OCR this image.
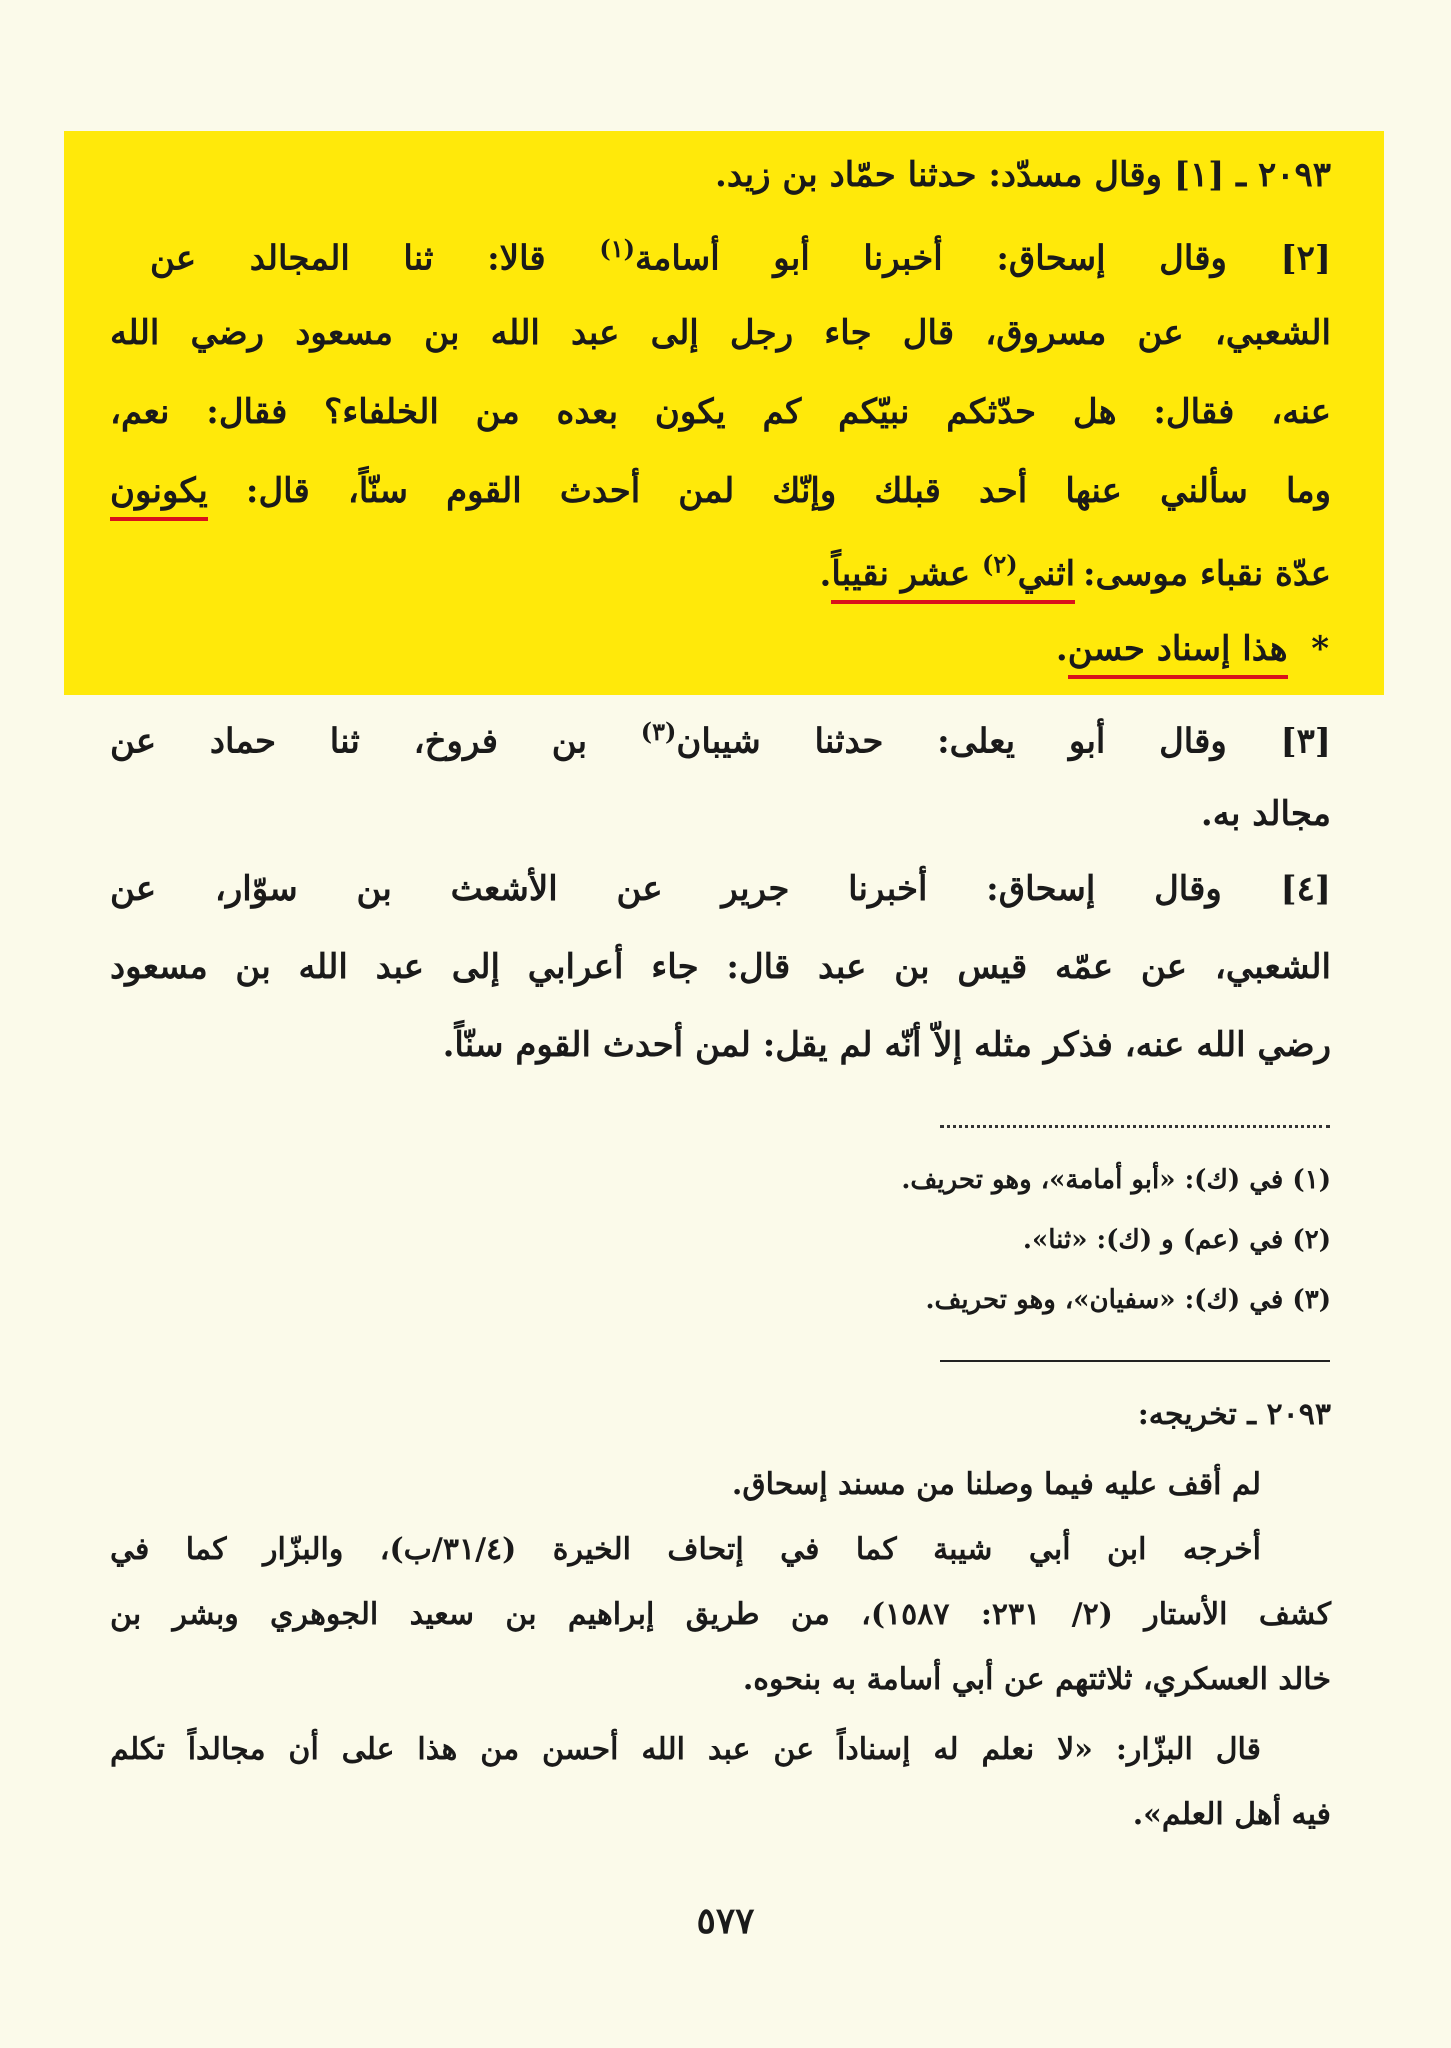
٢٠٩٣ ـ [١] وقال مسدّد: حدثنا حمّاد بن زيد.
[٢] وقال إسحاق: أخبرنا أبو أسامة$^{(١)}$ قالا: ثنا المجالد عن
الشعبي، عن مسروق، قال جاء رجل إلى عبد الله بن مسعود رضي الله
عنه، فقال: هل حدّثكم نبيّكم كم يكون بعده من الخلفاء؟ فقال: نعم،
وما سألني عنها أحد قبلك وإنّك لمن أحدث القوم سنّاً، قال: يكونون
عدّة نقباء موسى: اثني$^{(٢)}$ عشر نقيباً.
*  هذا إسناد حسن.
[٣] وقال أبو يعلى: حدثنا شيبان$^{(٣)}$ بن فروخ، ثنا حماد عن
مجالد به.
[٤] وقال إسحاق: أخبرنا جرير عن الأشعث بن سوّار، عن
الشعبي، عن عمّه قيس بن عبد قال: جاء أعرابي إلى عبد الله بن مسعود
رضي الله عنه، فذكر مثله إلاّ أنّه لم يقل: لمن أحدث القوم سنّاً.
(١) في (ك): «أبو أمامة»، وهو تحريف.
(٢) في (عم) و (ك): «ثنا».
(٣) في (ك): «سفيان»، وهو تحريف.
٢٠٩٣ ـ تخريجه:
لم أقف عليه فيما وصلنا من مسند إسحاق.
أخرجه ابن أبي شيبة كما في إتحاف الخيرة (٣١/٤/ب)، والبزّار كما في
كشف الأستار (٢/ ٢٣١: ١٥٨٧)، من طريق إبراهيم بن سعيد الجوهري وبشر بن
خالد العسكري، ثلاثتهم عن أبي أسامة به بنحوه.
قال البزّار: «لا نعلم له إسناداً عن عبد الله أحسن من هذا على أن مجالداً تكلم
فيه أهل العلم».
٥٧٧
